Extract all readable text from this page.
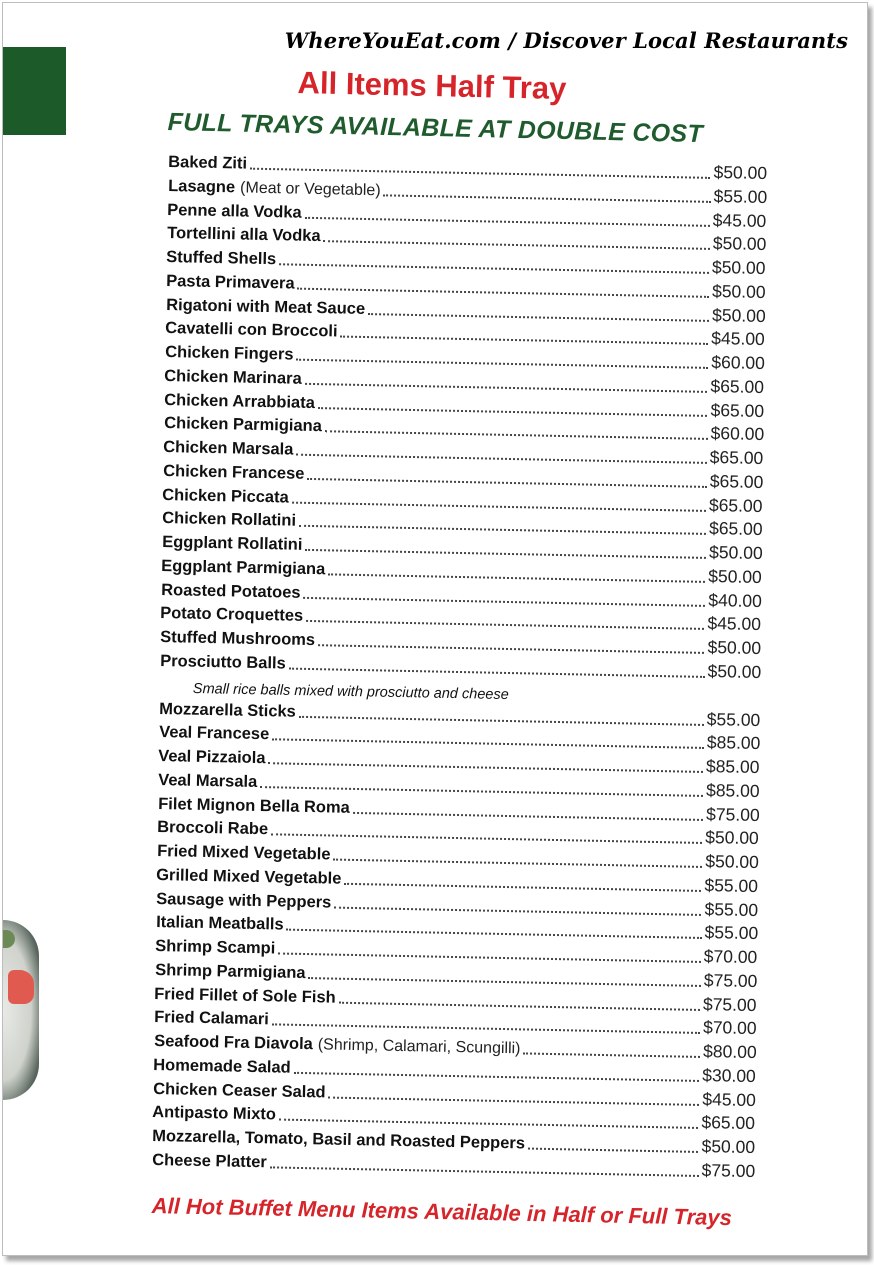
WhereYouEat.com / Discover Local Restaurants
All Items Half Tray
FULL TRAYS AVAILABLE AT DOUBLE COST
Baked Ziti	$50.00
Lasagne (Meat or Vegetable)	$55.00
Penne alla Vodka	$45.00
Tortellini alla Vodka	$50.00
Stuffed Shells	$50.00
Pasta Primavera	$50.00
Rigatoni with Meat Sauce	$50.00
Cavatelli con Broccoli	$45.00
Chicken Fingers	$60.00
Chicken Marinara	$65.00
Chicken Arrabbiata	$65.00
Chicken Parmigiana	$60.00
Chicken Marsala	$65.00
Chicken Francese	$65.00
Chicken Piccata	$65.00
Chicken Rollatini	$65.00
Eggplant Rollatini	$50.00
Eggplant Parmigiana	$50.00
Roasted Potatoes	$40.00
Potato Croquettes	$45.00
Stuffed Mushrooms	$50.00
Prosciutto Balls	$50.00
Mozzarella Sticks	$55.00
Veal Francese	$85.00
Veal Pizzaiola	$85.00
Veal Marsala	$85.00
Filet Mignon Bella Roma	$75.00
Broccoli Rabe	$50.00
Fried Mixed Vegetable	$50.00
Grilled Mixed Vegetable	$55.00
Sausage with Peppers	$55.00
Italian Meatballs	$55.00
Shrimp Scampi	$70.00
Shrimp Parmigiana	$75.00
Fried Fillet of Sole Fish	$75.00
Fried Calamari	$70.00
Seafood Fra Diavola (Shrimp, Calamari, Scungilli)	$80.00
Homemade Salad	$30.00
Chicken Ceaser Salad	$45.00
Antipasto Mixto	$65.00
Mozzarella, Tomato, Basil and Roasted Peppers	$50.00
Cheese Platter	$75.00
Small rice balls mixed with prosciutto and cheese
All Hot Buffet Menu Items Available in Half or Full Trays
